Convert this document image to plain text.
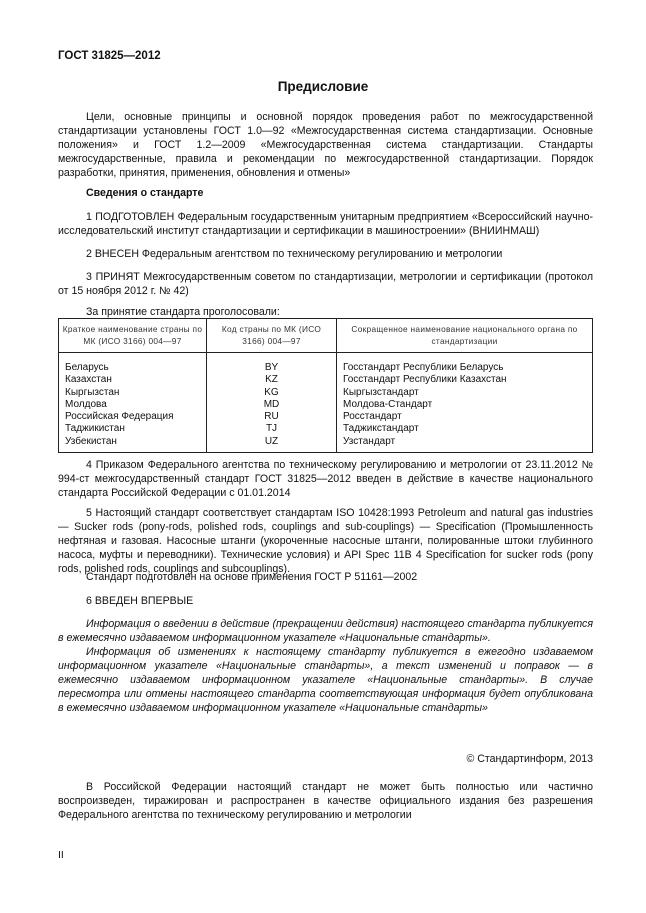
ГОСТ 31825—2012
Предисловие
Цели, основные принципы и основной порядок проведения работ по межгосударственной стандартизации установлены ГОСТ 1.0—92 «Межгосударственная система стандартизации. Основные положения» и ГОСТ 1.2—2009 «Межгосударственная система стандартизации. Стандарты межгосударственные, правила и рекомендации по межгосударственной стандартизации. Порядок разработки, принятия, применения, обновления и отмены»
Сведения о стандарте
1 ПОДГОТОВЛЕН Федеральным государственным унитарным предприятием «Всероссийский научно-исследовательский институт стандартизации и сертификации в машиностроении» (ВНИИНМАШ)
2 ВНЕСЕН Федеральным агентством по техническому регулированию и метрологии
3 ПРИНЯТ Межгосударственным советом по стандартизации, метрологии и сертификации (протокол от 15 ноября 2012 г. № 42)
За принятие стандарта проголосовали:
Краткое наименование страны по МК (ИСО 3166) 004—97	Код страны по МК (ИСО 3166) 004—97	Сокращенное наименование национального органа по стандартизации
Беларусь	BY	Госстандарт Республики Беларусь
Казахстан	KZ	Госстандарт Республики Казахстан
Кыргызстан	KG	Кыргызстандарт
Молдова	MD	Молдова-Стандарт
Российская Федерация	RU	Росстандарт
Таджикистан	TJ	Таджикстандарт
Узбекистан	UZ	Узстандарт
4 Приказом Федерального агентства по техническому регулированию и метрологии от 23.11.2012 № 994-ст межгосударственный стандарт ГОСТ 31825—2012 введен в действие в качестве национального стандарта Российской Федерации с 01.01.2014
5 Настоящий стандарт соответствует стандартам ISO 10428:1993 Petroleum and natural gas industries — Sucker rods (pony-rods, polished rods, couplings and sub-couplings) — Specification (Промышленность нефтяная и газовая. Насосные штанги (укороченные насосные штанги, полированные штоки глубинного насоса, муфты и переводники). Технические условия) и API Spec 11B 4 Specification for sucker rods (pony rods, polished rods, couplings and subcouplings).
Стандарт подготовлен на основе применения ГОСТ Р 51161—2002
6 ВВЕДЕН ВПЕРВЫЕ
Информация о введении в действие (прекращении действия) настоящего стандарта публикуется в ежемесячно издаваемом информационном указателе «Национальные стандарты».
Информация об изменениях к настоящему стандарту публикуется в ежегодно издаваемом информационном указателе «Национальные стандарты», а текст изменений и поправок — в ежемесячно издаваемом информационном указателе «Национальные стандарты». В случае пересмотра или отмены настоящего стандарта соответствующая информация будет опубликована в ежемесячно издаваемом информационном указателе «Национальные стандарты»
© Стандартинформ, 2013
В Российской Федерации настоящий стандарт не может быть полностью или частично воспроизведен, тиражирован и распространен в качестве официального издания без разрешения Федерального агентства по техническому регулированию и метрологии
II
